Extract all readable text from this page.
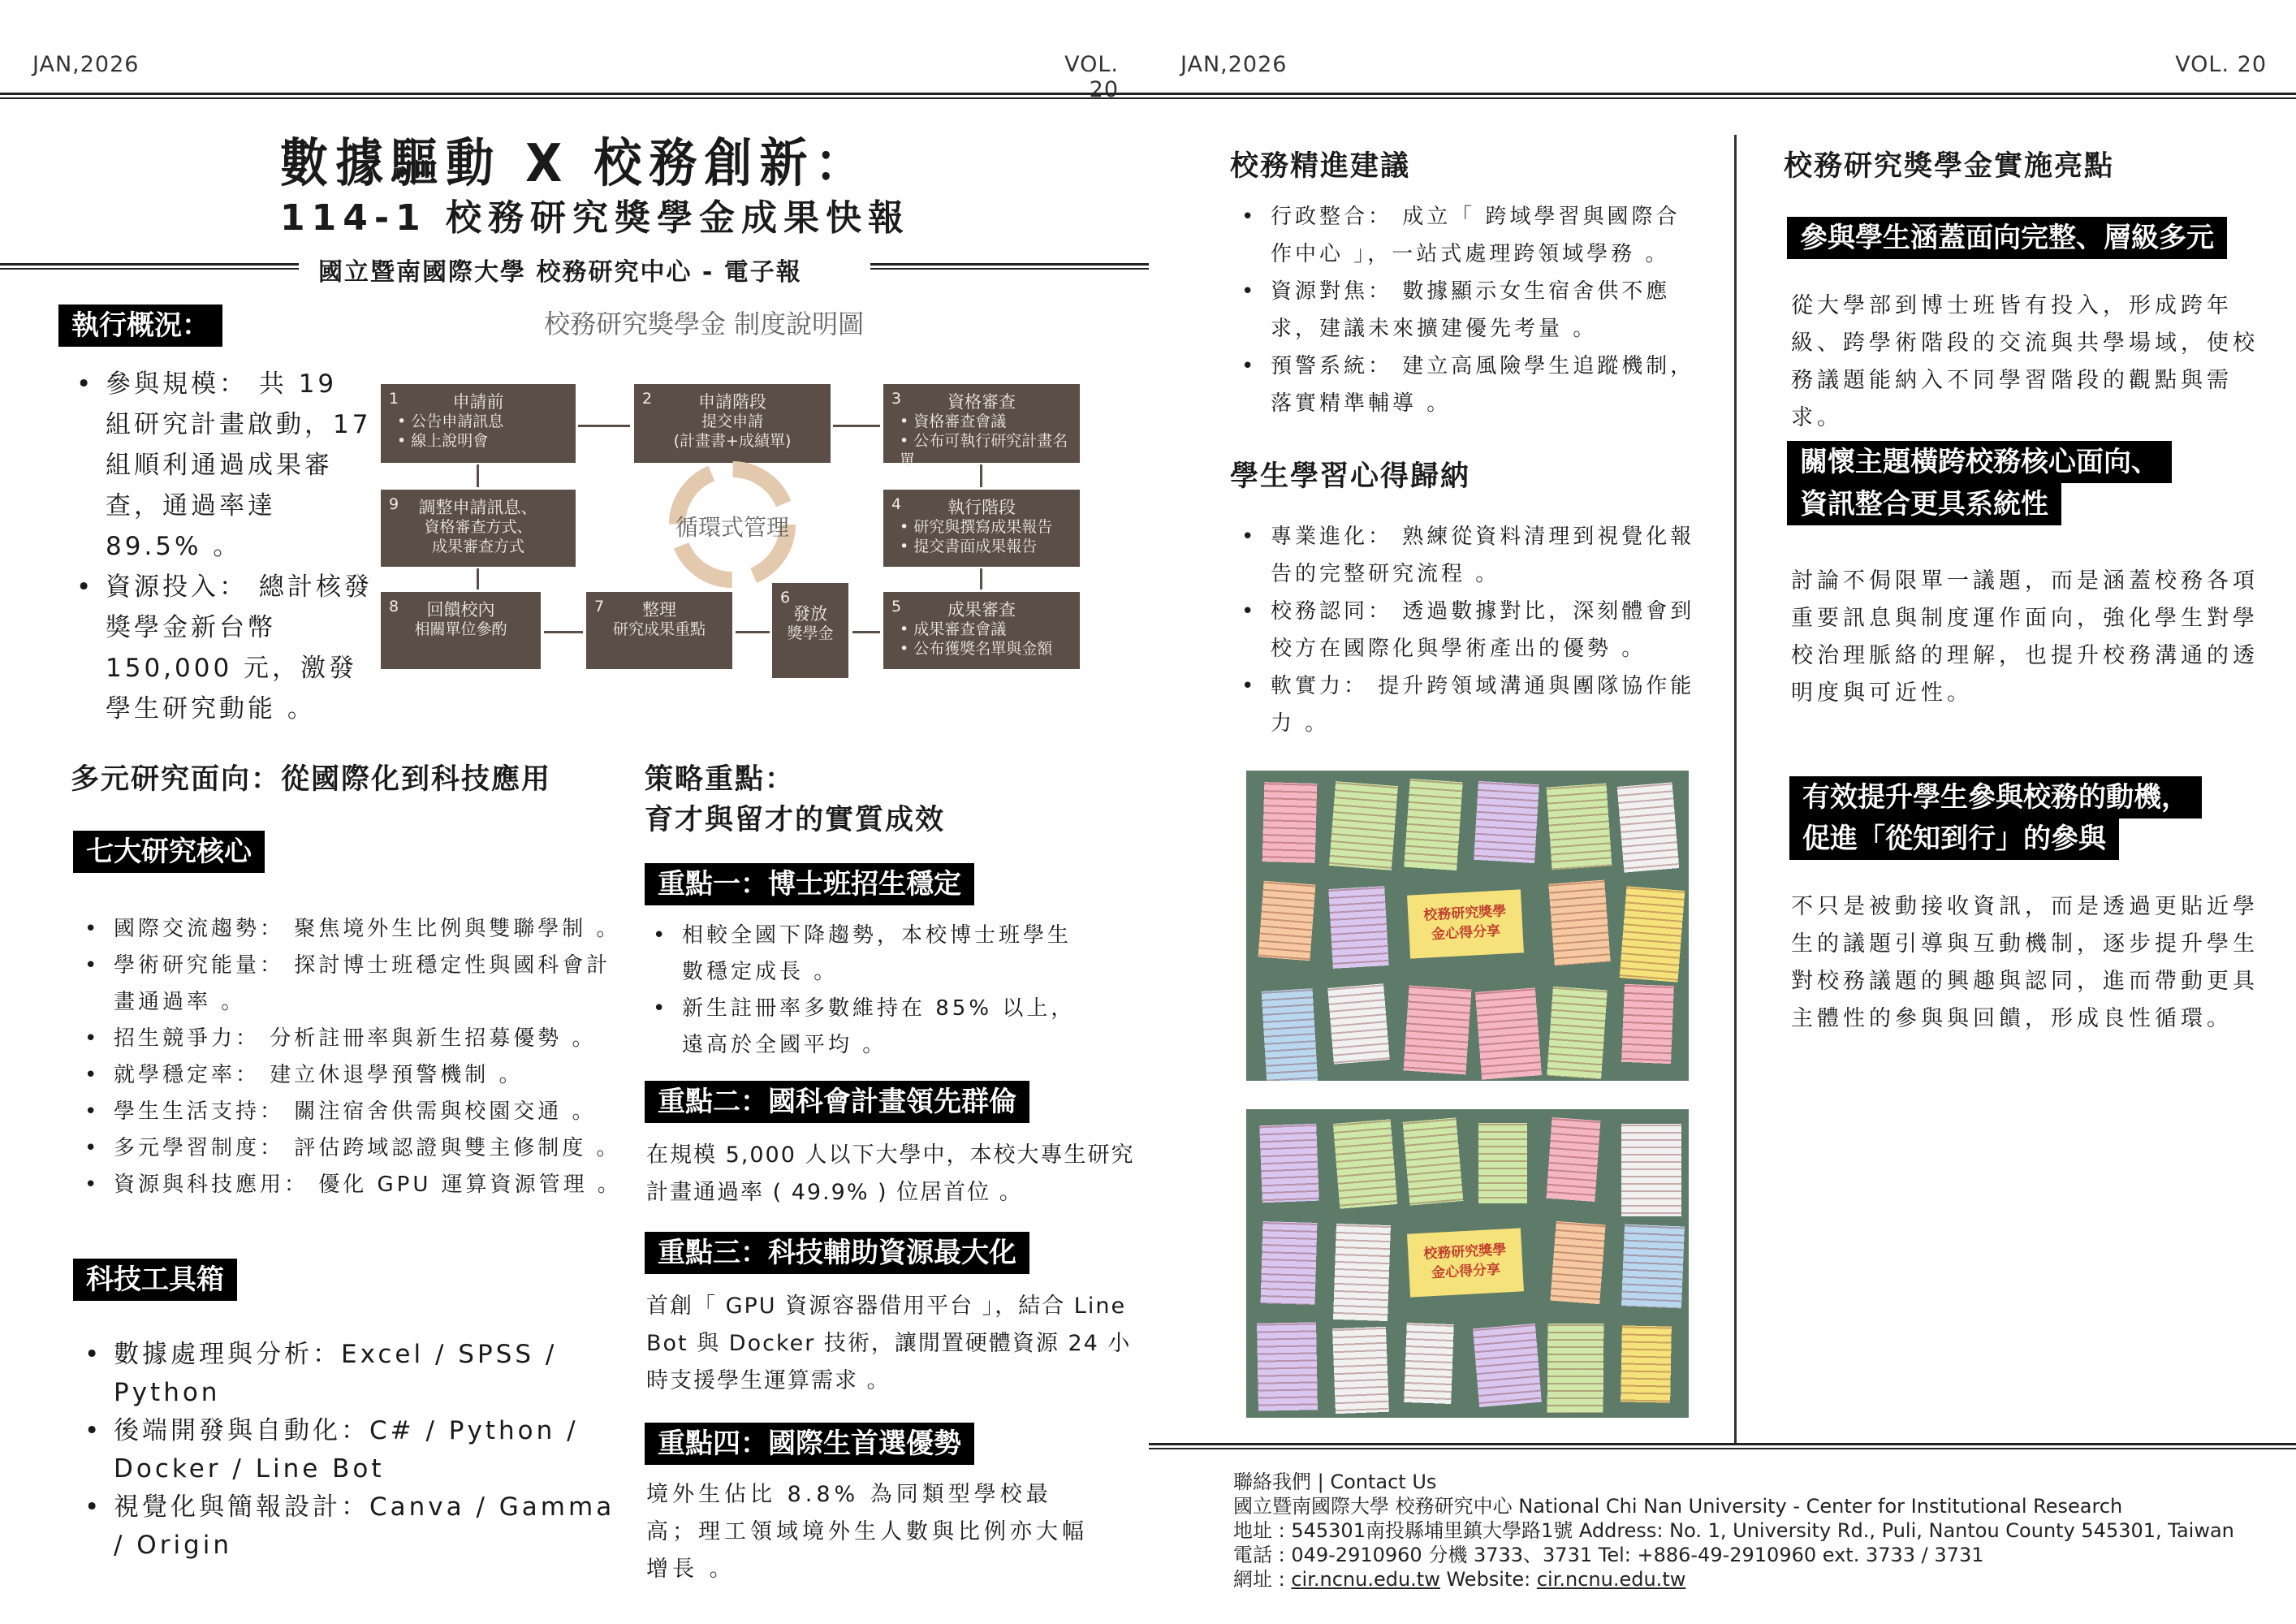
JAN,2026	VOL. 20
JAN,2026	VOL. 20
數據驅動 X 校務創新：
114-1 校務研究獎學金成果快報
國立暨南國際大學 校務研究中心 - 電子報
執行概況：
• 參與規模： 共 19 組研究計畫啟動，17 組順利通過成果審查，通過率達 89.5% 。
• 資源投入： 總計核發獎學金新台幣 150,000 元，激發學生研究動能 。
校務研究獎學金 制度說明圖
1	申請前
• 公告申請訊息
• 線上說明會
2	申請階段
提交申請
(計畫書+成績單)
3	資格審查
• 資格審查會議
• 公布可執行研究計畫名單
4	執行階段
• 研究與撰寫成果報告
• 提交書面成果報告
5	成果審查
• 成果審查會議
• 公布獲獎名單與金額
6
發放
獎學金
7	整理
研究成果重點
8	回饋校內
相關單位參酌
9	調整申請訊息、
資格審查方式、
成果審查方式
循環式管理
多元研究面向：從國際化到科技應用
七大研究核心
• 國際交流趨勢： 聚焦境外生比例與雙聯學制 。
• 學術研究能量： 探討博士班穩定性與國科會計畫通過率 。
• 招生競爭力： 分析註冊率與新生招募優勢 。
• 就學穩定率： 建立休退學預警機制 。
• 學生生活支持： 關注宿舍供需與校園交通 。
• 多元學習制度： 評估跨域認證與雙主修制度 。
• 資源與科技應用： 優化 GPU 運算資源管理 。
科技工具箱
• 數據處理與分析：Excel / SPSS / Python
• 後端開發與自動化：C# / Python / Docker / Line Bot
• 視覺化與簡報設計：Canva / Gamma / Origin
策略重點：
育才與留才的實質成效
重點一：博士班招生穩定
• 相較全國下降趨勢，本校博士班學生數穩定成長 。
• 新生註冊率多數維持在 85% 以上，遠高於全國平均 。
重點二：國科會計畫領先群倫
在規模 5,000 人以下大學中，本校大專生研究計畫通過率 ( 49.9% ) 位居首位 。
重點三：科技輔助資源最大化
首創「 GPU 資源容器借用平台 」，結合 Line Bot 與 Docker 技術，讓閒置硬體資源 24 小時支援學生運算需求 。
重點四：國際生首選優勢
境外生佔比 8.8% 為同類型學校最高；理工領域境外生人數與比例亦大幅增長 。
校務精進建議
• 行政整合： 成立「 跨域學習與國際合作中心 」，一站式處理跨領域學務 。
• 資源對焦： 數據顯示女生宿舍供不應求，建議未來擴建優先考量 。
• 預警系統： 建立高風險學生追蹤機制，落實精準輔導 。
學生學習心得歸納
• 專業進化： 熟練從資料清理到視覺化報告的完整研究流程 。
• 校務認同： 透過數據對比，深刻體會到校方在國際化與學術產出的優勢 。
• 軟實力： 提升跨領域溝通與團隊協作能力 。
校務研究獎學金心得分享
校務研究獎學金心得分享
校務研究獎學金實施亮點
參與學生涵蓋面向完整、層級多元
從大學部到博士班皆有投入，形成跨年級、跨學術階段的交流與共學場域，使校務議題能納入不同學習階段的觀點與需求。
關懷主題橫跨校務核心面向、
資訊整合更具系統性
討論不侷限單一議題，而是涵蓋校務各項重要訊息與制度運作面向，強化學生對學校治理脈絡的理解，也提升校務溝通的透明度與可近性。
有效提升學生參與校務的動機，
促進「從知到行」的參與
不只是被動接收資訊，而是透過更貼近學生的議題引導與互動機制，逐步提升學生對校務議題的興趣與認同，進而帶動更具主體性的參與與回饋，形成良性循環。
聯絡我們 | Contact Us
國立暨南國際大學 校務研究中心 National Chi Nan University - Center for Institutional Research
地址 : 545301南投縣埔里鎮大學路1號 Address: No. 1, University Rd., Puli, Nantou County 545301, Taiwan
電話 : 049-2910960 分機 3733、3731 Tel: +886-49-2910960 ext. 3733 / 3731
網址 : cir.ncnu.edu.tw Website: cir.ncnu.edu.tw
